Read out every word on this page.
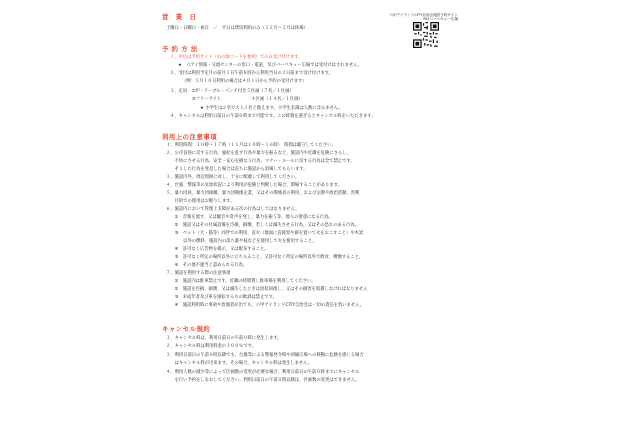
営　業　日
土曜日・日曜日・祝日　／　平日は貸切利用のみ（１２月～３月は休場）
六甲アイランドCITY自治会施設予約サイト
RCIバーベキュー広場
予 約 方 法
１、申込は予約サイト（右の緑コードを参照）でのみ受け付けます。
★　六アイ情報・交流センターの窓口・電話、及びバーベキュー広場では受付けはされません。
２、受付は利用予定月の前月１日午前８時から利用当日の２日前まで受け付けます。
（例：５月１０日利用の場合は４月１日から予約の受付けます）
３、定員：①炉・テーブル・ベンチ付き５区画（７名／１区画）
②フリーサイト　　　　　　　４区画（１４名／１区画）
★ 小学生は２名で大人１名と数えます。小学生未満は人数に含みません。
４、キャンセルは利用日前日の午前０時まで可能です。この時刻を過ぎるとキャンセル料をいただきます。
利用上の注意事項
１、利用時間：１０時～１７時（１１月は１０時～１６時）　時間は厳守してください。
２、公序良俗に反する行為、風紀を乱す行為や暴力を振るなど、施設内や近隣を危険にさらし、
　　不快にさせる行為、安全・安心を損なう行為、マナー・ルールに反する行為は全て禁止です。
　　そうした行為を発見した場合は直ちに施設から退場してもらいます。
３、施設内外、周辺周囲に対し、十分に配慮して利用してください。
４、台風、警報等の気象状況により利用が危険と判断した場合、閉場することがあります。
５、暴力団員、暴力団組織、暴力団関係企業、又はその関係者の利用、および宗教や政治活動、営利
　　目的での使用はお断りします。
６、施設内において管理上支障がある次の行為はしてはなりません。
　　①　音楽を流す、又は騒音や奇声を発し、暴力を振う等、他人の迷惑になる行為。
　　②　施設又はその付属設備を汚損、損壊、若しくは滅失させる行為。又はその恐れのある行為。
　　③　ペット（犬・猫等）同伴での利用、直火（地面に直接炭や薪を置いて火をおこすこと）や木炭
　　　　以外の燃料、施設内の落ち葉や枝などを使用して火を使用すること。
　　④　許可なく広告物を掲示、又は配布すること。
　　⑤　許可なく所定の場所以外に立ち入ること。又許可なく所定の場所以外で飲食、喫煙すること。
　　⑥　その他不適当と認められる行為。
７、施設を利用する際の注意事項
　　①　施設内は駐車禁止です。近隣の時間貸し駐車場を利用してください。
　　②　施設を汚損、損壊、又は滅失したときは原状回復し、又はその損害を賠償しなければなりません
　　③　未成年者及び車を運転する方の飲酒は禁止です。
　　④　施設利用時に事故や負傷者が出ても、六甲アイランドCITY自治会は一切の責任を負いません。
キャンセル規約
１、キャンセル料は、利用日前日の午前０時に発生します。
２、キャンセル料は利用料金の１００％です。
３、利用日前日の午前０時以降でも、台風等による警報発令時や初級広場への移動に危険を感じる場合
　　はキャンセル料が出来ます。その場合、キャンセル料は発生しません。
４、利用人数の減少等によって区画数の変更が必要な場合、利用日前日の午前０時までにキャンセル
　　を行い予約をしなおしてください。利用日前日の午前０時以降は、区画数の変更はできません。
